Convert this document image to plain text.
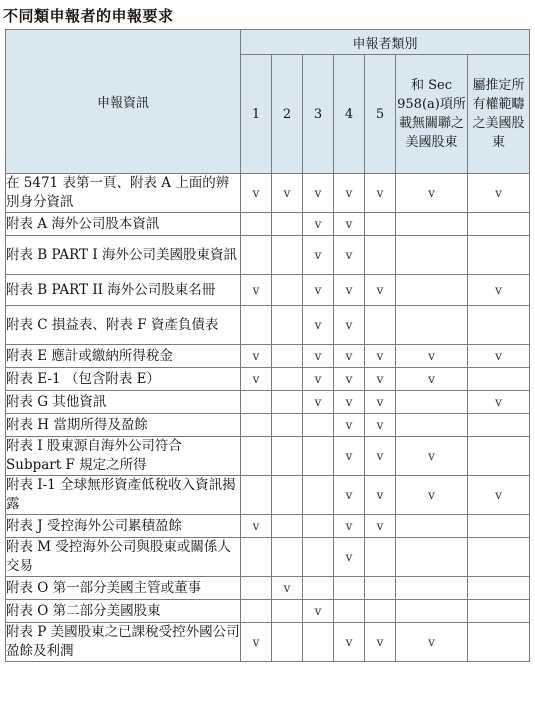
不同類申報者的申報要求
申報資訊	申報者類別						
	1	2	3	4	5	和 Sec 958(a)項所載無關聯之美國股東	屬推定所有權範疇之美國股東
在 5471 表第一頁、附表 A 上面的辨別身分資訊	v	v	v	v	v	v	v
附表 A 海外公司股本資訊			v	v			
附表 B PART I 海外公司美國股東資訊			v	v			
附表 B PART II 海外公司股東名冊	v		v	v	v		v
附表 C 損益表、附表 F 資產負債表			v	v			
附表 E 應計或繳納所得稅金	v		v	v	v	v	v
附表 E-1 （包含附表 E）	v		v	v	v	v	
附表 G 其他資訊			v	v	v		v
附表 H 當期所得及盈餘				v	v		
附表 I 股東源自海外公司符合 Subpart F 規定之所得				v	v	v	
附表 I-1 全球無形資產低稅收入資訊揭露				v	v	v	v
附表 J 受控海外公司累積盈餘	v			v	v		
附表 M 受控海外公司與股東或關係人交易				v			
附表 O 第一部分美國主管或董事		v					
附表 O 第二部分美國股東			v				
附表 P 美國股東之已課稅受控外國公司盈餘及利潤	v			v	v	v	
